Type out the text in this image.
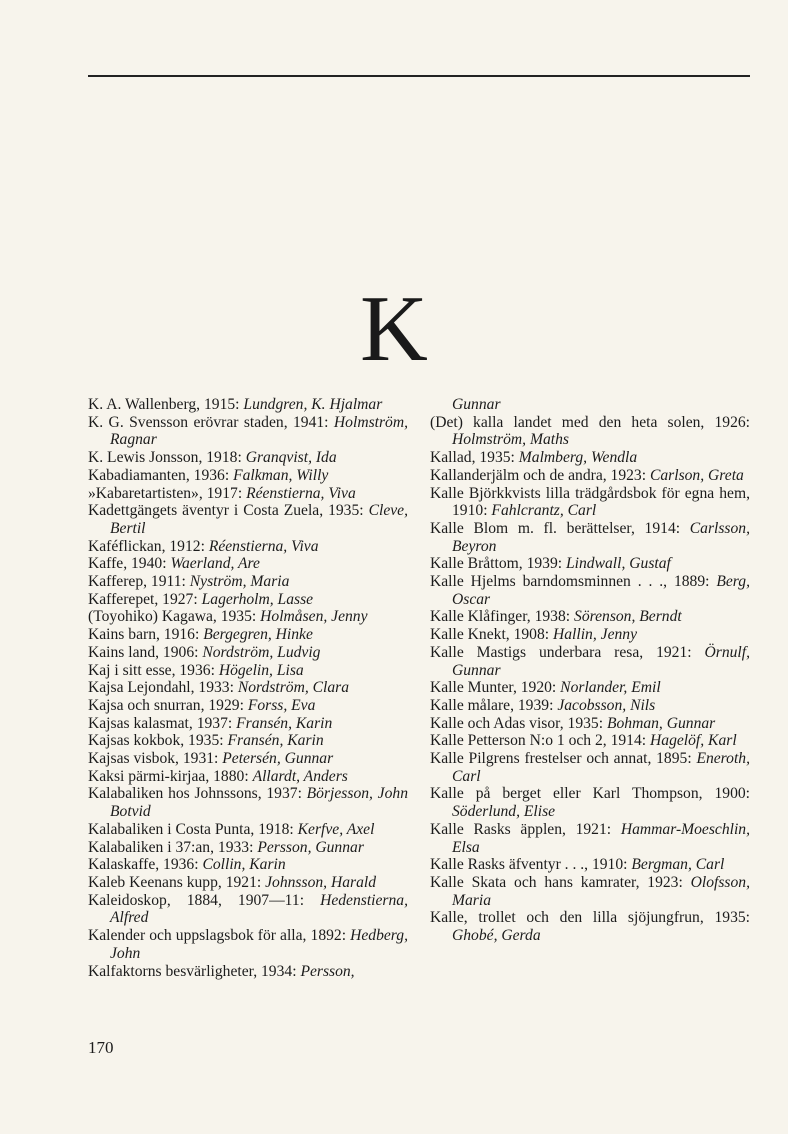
K
K. A. Wallenberg, 1915: Lundgren, K. Hjalmar
K. G. Svensson erövrar staden, 1941: Holmström, Ragnar
K. Lewis Jonsson, 1918: Granqvist, Ida
Kabadiamanten, 1936: Falkman, Willy
»Kabaretartisten», 1917: Réenstierna, Viva
Kadettgängets äventyr i Costa Zuela, 1935: Cleve, Bertil
Kaféflickan, 1912: Réenstierna, Viva
Kaffe, 1940: Waerland, Are
Kafferep, 1911: Nyström, Maria
Kafferepet, 1927: Lagerholm, Lasse
(Toyohiko) Kagawa, 1935: Holmåsen, Jenny
Kains barn, 1916: Bergegren, Hinke
Kains land, 1906: Nordström, Ludvig
Kaj i sitt esse, 1936: Högelin, Lisa
Kajsa Lejondahl, 1933: Nordström, Clara
Kajsa och snurran, 1929: Forss, Eva
Kajsas kalasmat, 1937: Fransén, Karin
Kajsas kokbok, 1935: Fransén, Karin
Kajsas visbok, 1931: Petersén, Gunnar
Kaksi pärmi-kirjaa, 1880: Allardt, Anders
Kalabaliken hos Johnssons, 1937: Börjesson, John Botvid
Kalabaliken i Costa Punta, 1918: Kerfve, Axel
Kalabaliken i 37:an, 1933: Persson, Gunnar
Kalaskaffe, 1936: Collin, Karin
Kaleb Keenans kupp, 1921: Johnsson, Harald
Kaleidoskop, 1884, 1907—11: Hedenstierna, Alfred
Kalender och uppslagsbok för alla, 1892: Hedberg, John
Kalfaktorns besvärligheter, 1934: Persson,
Gunnar
(Det) kalla landet med den heta solen, 1926: Holmström, Maths
Kallad, 1935: Malmberg, Wendla
Kallanderjälm och de andra, 1923: Carlson, Greta
Kalle Björkkvists lilla trädgårdsbok för egna hem, 1910: Fahlcrantz, Carl
Kalle Blom m. fl. berättelser, 1914: Carlsson, Beyron
Kalle Bråttom, 1939: Lindwall, Gustaf
Kalle Hjelms barndomsminnen . . ., 1889: Berg, Oscar
Kalle Klåfinger, 1938: Sörenson, Berndt
Kalle Knekt, 1908: Hallin, Jenny
Kalle Mastigs underbara resa, 1921: Örnulf, Gunnar
Kalle Munter, 1920: Norlander, Emil
Kalle målare, 1939: Jacobsson, Nils
Kalle och Adas visor, 1935: Bohman, Gunnar
Kalle Petterson N:o 1 och 2, 1914: Hagelöf, Karl
Kalle Pilgrens frestelser och annat, 1895: Eneroth, Carl
Kalle på berget eller Karl Thompson, 1900: Söderlund, Elise
Kalle Rasks äpplen, 1921: Hammar-Moeschlin, Elsa
Kalle Rasks äfventyr . . ., 1910: Bergman, Carl
Kalle Skata och hans kamrater, 1923: Olofsson, Maria
Kalle, trollet och den lilla sjöjungfrun, 1935: Ghobé, Gerda
170
